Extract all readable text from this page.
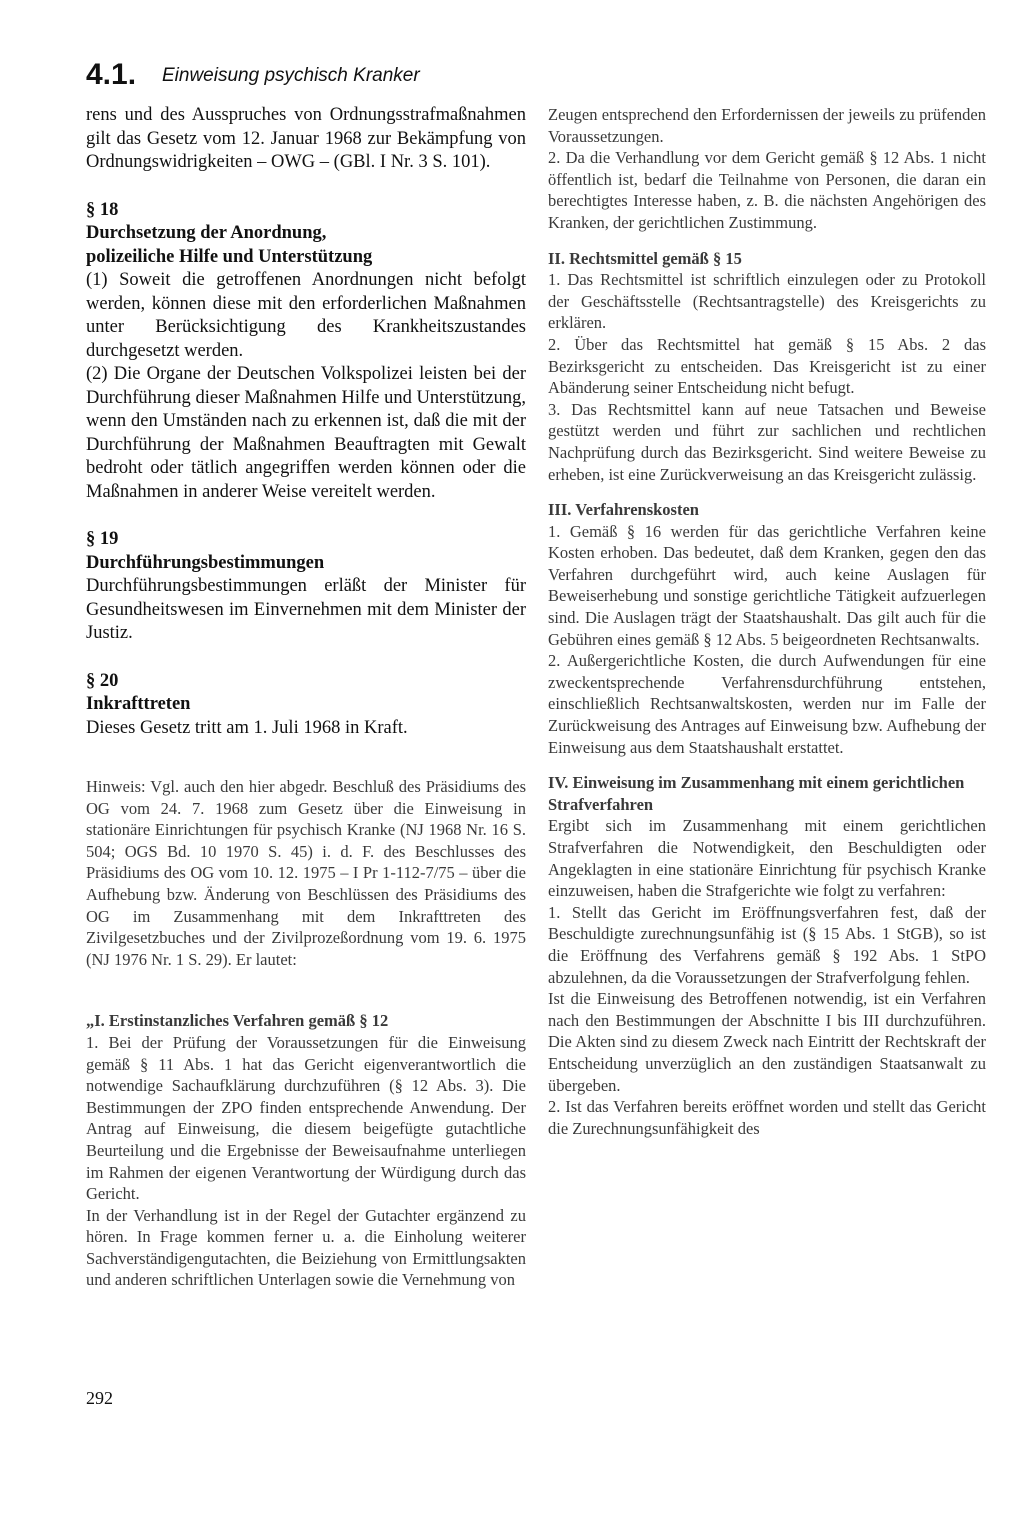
4.1. Einweisung psychisch Kranker

rens und des Ausspruches von Ordnungsstrafmaßnahmen gilt das Gesetz vom 12. Januar 1968 zur Bekämpfung von Ordnungswidrigkeiten – OWG – (GBl. I Nr. 3 S. 101).

§ 18
Durchsetzung der Anordnung,
polizeiliche Hilfe und Unterstützung

(1) Soweit die getroffenen Anordnungen nicht befolgt werden, können diese mit den erforderlichen Maßnahmen unter Berücksichtigung des Krankheitszustandes durchgesetzt werden.

(2) Die Organe der Deutschen Volkspolizei leisten bei der Durchführung dieser Maßnahmen Hilfe und Unterstützung, wenn den Umständen nach zu erkennen ist, daß die mit der Durchführung der Maßnahmen Beauftragten mit Gewalt bedroht oder tätlich angegriffen werden können oder die Maßnahmen in anderer Weise vereitelt werden.

§ 19
Durchführungsbestimmungen

Durchführungsbestimmungen erläßt der Minister für Gesundheitswesen im Einvernehmen mit dem Minister der Justiz.

§ 20
Inkrafttreten

Dieses Gesetz tritt am 1. Juli 1968 in Kraft.

Hinweis: Vgl. auch den hier abgedr. Beschluß des Präsidiums des OG vom 24. 7. 1968 zum Gesetz über die Einweisung in stationäre Einrichtungen für psychisch Kranke (NJ 1968 Nr. 16 S. 504; OGS Bd. 10 1970 S. 45) i. d. F. des Beschlusses des Präsidiums des OG vom 10. 12. 1975 – I Pr 1-112-7/75 – über die Aufhebung bzw. Änderung von Beschlüssen des Präsidiums des OG im Zusammenhang mit dem Inkrafttreten des Zivilgesetzbuches und der Zivilprozeßordnung vom 19. 6. 1975 (NJ 1976 Nr. 1 S. 29). Er lautet:

„I. Erstinstanzliches Verfahren gemäß § 12

1. Bei der Prüfung der Voraussetzungen für die Einweisung gemäß § 11 Abs. 1 hat das Gericht eigenverantwortlich die notwendige Sachaufklärung durchzuführen (§ 12 Abs. 3). Die Bestimmungen der ZPO finden entsprechende Anwendung. Der Antrag auf Einweisung, die diesem beigefügte gutachtliche Beurteilung und die Ergebnisse der Beweisaufnahme unterliegen im Rahmen der eigenen Verantwortung der Würdigung durch das Gericht.

In der Verhandlung ist in der Regel der Gutachter ergänzend zu hören. In Frage kommen ferner u. a. die Einholung weiterer Sachverständigengutachten, die Beiziehung von Ermittlungsakten und anderen schriftlichen Unterlagen sowie die Vernehmung von

Zeugen entsprechend den Erfordernissen der jeweils zu prüfenden Voraussetzungen.

2. Da die Verhandlung vor dem Gericht gemäß § 12 Abs. 1 nicht öffentlich ist, bedarf die Teilnahme von Personen, die daran ein berechtigtes Interesse haben, z. B. die nächsten Angehörigen des Kranken, der gerichtlichen Zustimmung.

II. Rechtsmittel gemäß § 15

1. Das Rechtsmittel ist schriftlich einzulegen oder zu Protokoll der Geschäftsstelle (Rechtsantragstelle) des Kreisgerichts zu erklären.

2. Über das Rechtsmittel hat gemäß § 15 Abs. 2 das Bezirksgericht zu entscheiden. Das Kreisgericht ist zu einer Abänderung seiner Entscheidung nicht befugt.

3. Das Rechtsmittel kann auf neue Tatsachen und Beweise gestützt werden und führt zur sachlichen und rechtlichen Nachprüfung durch das Bezirksgericht. Sind weitere Beweise zu erheben, ist eine Zurückverweisung an das Kreisgericht zulässig.

III. Verfahrenskosten

1. Gemäß § 16 werden für das gerichtliche Verfahren keine Kosten erhoben. Das bedeutet, daß dem Kranken, gegen den das Verfahren durchgeführt wird, auch keine Auslagen für Beweiserhebung und sonstige gerichtliche Tätigkeit aufzuerlegen sind. Die Auslagen trägt der Staatshaushalt. Das gilt auch für die Gebühren eines gemäß § 12 Abs. 5 beigeordneten Rechtsanwalts.

2. Außergerichtliche Kosten, die durch Aufwendungen für eine zweckentsprechende Verfahrensdurchführung entstehen, einschließlich Rechtsanwaltskosten, werden nur im Falle der Zurückweisung des Antrages auf Einweisung bzw. Aufhebung der Einweisung aus dem Staatshaushalt erstattet.

IV. Einweisung im Zusammenhang mit einem gerichtlichen Strafverfahren

Ergibt sich im Zusammenhang mit einem gerichtlichen Strafverfahren die Notwendigkeit, den Beschuldigten oder Angeklagten in eine stationäre Einrichtung für psychisch Kranke einzuweisen, haben die Strafgerichte wie folgt zu verfahren:

1. Stellt das Gericht im Eröffnungsverfahren fest, daß der Beschuldigte zurechnungsunfähig ist (§ 15 Abs. 1 StGB), so ist die Eröffnung des Verfahrens gemäß § 192 Abs. 1 StPO abzulehnen, da die Voraussetzungen der Strafverfolgung fehlen.

Ist die Einweisung des Betroffenen notwendig, ist ein Verfahren nach den Bestimmungen der Abschnitte I bis III durchzuführen. Die Akten sind zu diesem Zweck nach Eintritt der Rechtskraft der Entscheidung unverzüglich an den zuständigen Staatsanwalt zu übergeben.

2. Ist das Verfahren bereits eröffnet worden und stellt das Gericht die Zurechnungsunfähigkeit des

292
